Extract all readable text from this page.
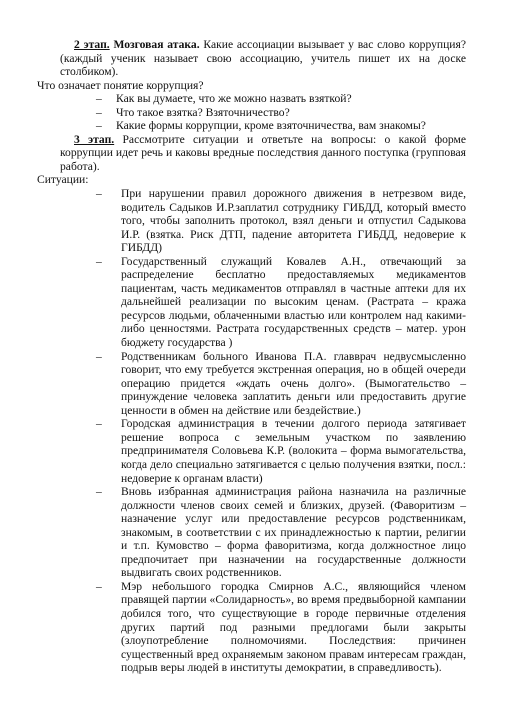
2 этап. Мозговая атака. Какие ассоциации вызывает у вас слово коррупция? (каждый ученик называет свою ассоциацию, учитель пишет их на доске столбиком).

Что означает понятие коррупция?

– Как вы думаете, что же можно назвать взяткой?
– Что такое взятка? Взяточничество?
– Какие формы коррупции, кроме взяточничества, вам знакомы?

3 этап. Рассмотрите ситуации и ответьте на вопросы: о какой форме коррупции идет речь и каковы вредные последствия данного поступка (групповая работа).

Ситуации:

– При нарушении правил дорожного движения в нетрезвом виде, водитель Садыков И.Р.заплатил сотруднику ГИБДД, который вместо того, чтобы заполнить протокол, взял деньги и отпустил Садыкова И.Р. (взятка. Риск ДТП, падение авторитета ГИБДД, недоверие к ГИБДД)
– Государственный служащий Ковалев А.Н., отвечающий за распределение бесплатно предоставляемых медикаментов пациентам, часть медикаментов отправлял в частные аптеки для их дальнейшей реализации по высоким ценам. (Растрата – кража ресурсов людьми, облаченными властью или контролем над какими-либо ценностями. Растрата государственных средств – матер. урон бюджету государства )
– Родственникам больного Иванова П.А. главврач недвусмысленно говорит, что ему требуется экстренная операция, но в общей очереди операцию придется «ждать очень долго». (Вымогательство – принуждение человека заплатить деньги или предоставить другие ценности в обмен на действие или бездействие.)
– Городская администрация в течении долгого периода затягивает решение вопроса с земельным участком по заявлению предпринимателя Соловьева К.Р. (волокита – форма вымогательства, когда дело специально затягивается с целью получения взятки, посл.: недоверие к органам власти)
– Вновь избранная администрация района назначила на различные должности членов своих семей и близких, друзей. (Фаворитизм – назначение услуг или предоставление ресурсов родственникам, знакомым, в соответствии с их принадлежностью к партии, религии и т.п. Кумовство – форма фаворитизма, когда должностное лицо предпочитает при назначении на государственные должности выдвигать своих родственников.
– Мэр небольшого городка Смирнов А.С., являющийся членом правящей партии «Солидарность», во время предвыборной кампании добился того, что существующие в городе первичные отделения других партий под разными предлогами были закрыты (злоупотребление полномочиями. Последствия: причинен существенный вред охраняемым законом правам интересам граждан, подрыв веры людей в институты демократии, в справедливость).
